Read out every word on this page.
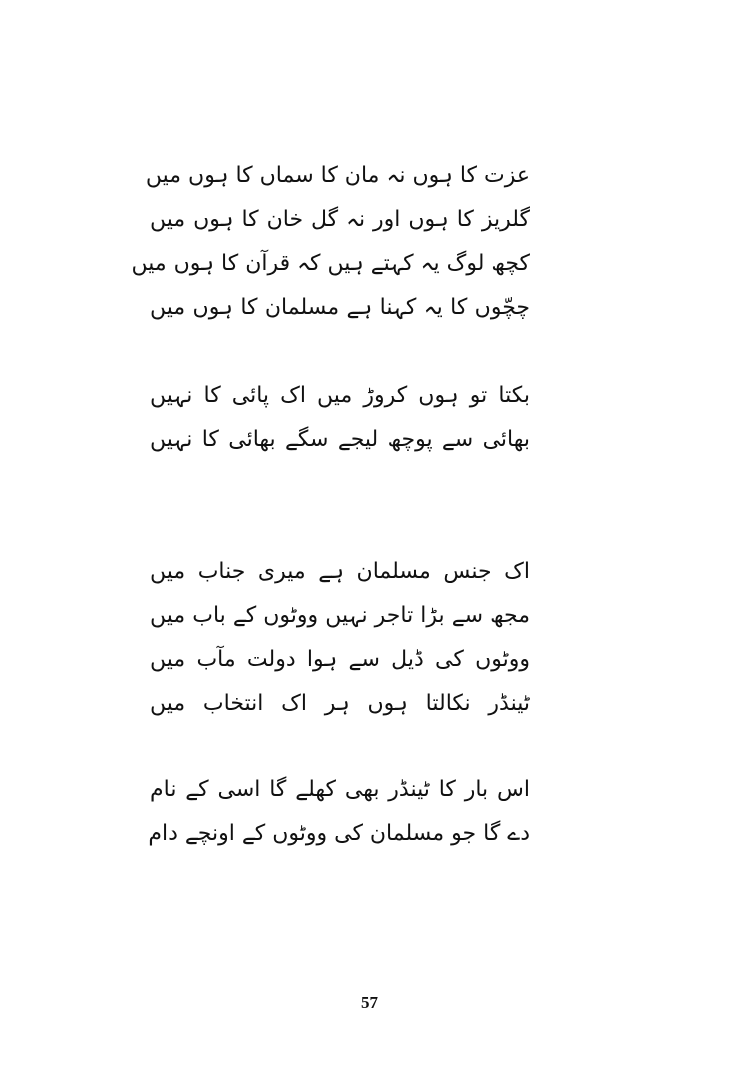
عزت کا ہوں نہ مان کا سماں کا ہوں میں
گلریز کا ہوں اور نہ گل خان کا ہوں میں
کچھ لوگ یہ کہتے ہیں کہ قرآن کا ہوں میں
چچّوں کا یہ کہنا ہے مسلمان کا ہوں میں
بکتا تو ہوں کروڑ میں اک پائی کا نہیں
بھائی سے پوچھ لیجے سگے بھائی کا نہیں
اک جنس مسلمان ہے میری جناب میں
مجھ سے بڑا تاجر نہیں ووٹوں کے باب میں
ووٹوں کی ڈیل سے ہوا دولت مآب میں
ٹینڈر نکالتا ہوں ہر اک انتخاب میں
اس بار کا ٹینڈر بھی کھلے گا اسی کے نام
دے گا جو مسلمان کی ووٹوں کے اونچے دام
57
